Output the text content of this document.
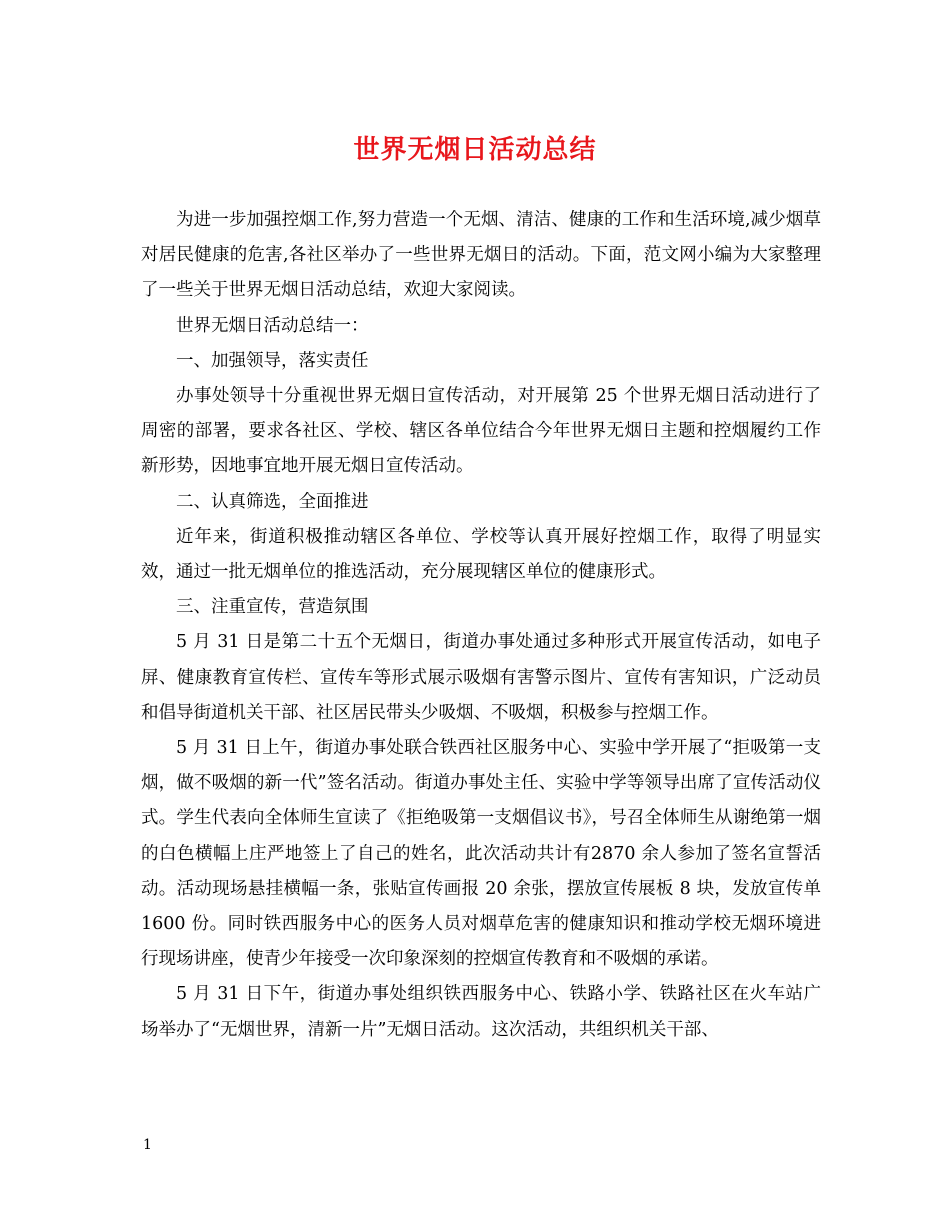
世界无烟日活动总结

为进一步加强控烟工作,努力营造一个无烟、清洁、健康的工作和生活环境,减少烟草对居民健康的危害,各社区举办了一些世界无烟日的活动。下面，范文网小编为大家整理了一些关于世界无烟日活动总结，欢迎大家阅读。

世界无烟日活动总结一：

一、加强领导，落实责任

办事处领导十分重视世界无烟日宣传活动，对开展第 25 个世界无烟日活动进行了周密的部署，要求各社区、学校、辖区各单位结合今年世界无烟日主题和控烟履约工作新形势，因地事宜地开展无烟日宣传活动。

二、认真筛选，全面推进

近年来，街道积极推动辖区各单位、学校等认真开展好控烟工作，取得了明显实效，通过一批无烟单位的推选活动，充分展现辖区单位的健康形式。

三、注重宣传，营造氛围

5 月 31 日是第二十五个无烟日，街道办事处通过多种形式开展宣传活动，如电子屏、健康教育宣传栏、宣传车等形式展示吸烟有害警示图片、宣传有害知识，广泛动员和倡导街道机关干部、社区居民带头少吸烟、不吸烟，积极参与控烟工作。

5 月 31 日上午，街道办事处联合铁西社区服务中心、实验中学开展了“拒吸第一支烟，做不吸烟的新一代”签名活动。街道办事处主任、实验中学等领导出席了宣传活动仪式。学生代表向全体师生宣读了《拒绝吸第一支烟倡议书》，号召全体师生从谢绝第一烟的白色横幅上庄严地签上了自己的姓名，此次活动共计有2870 余人参加了签名宣誓活动。活动现场悬挂横幅一条，张贴宣传画报 20 余张，摆放宣传展板 8 块，发放宣传单 1600 份。同时铁西服务中心的医务人员对烟草危害的健康知识和推动学校无烟环境进行现场讲座，使青少年接受一次印象深刻的控烟宣传教育和不吸烟的承诺。

5 月 31 日下午，街道办事处组织铁西服务中心、铁路小学、铁路社区在火车站广场举办了“无烟世界，清新一片”无烟日活动。这次活动，共组织机关干部、

1
